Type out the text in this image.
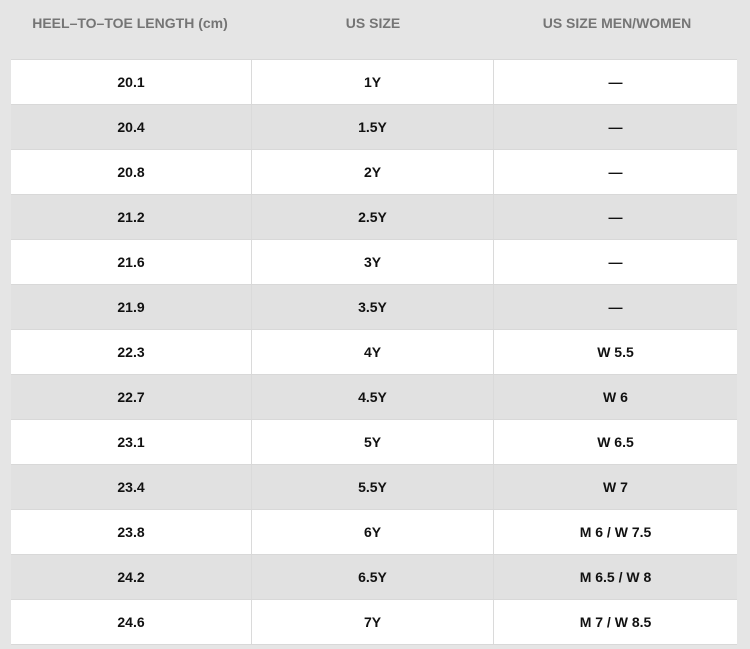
HEEL–TO–TOE LENGTH (cm)	US SIZE	US SIZE MEN/WOMEN
20.1	1Y	—
20.4	1.5Y	—
20.8	2Y	—
21.2	2.5Y	—
21.6	3Y	—
21.9	3.5Y	—
22.3	4Y	W 5.5
22.7	4.5Y	W 6
23.1	5Y	W 6.5
23.4	5.5Y	W 7
23.8	6Y	M 6 / W 7.5
24.2	6.5Y	M 6.5 / W 8
24.6	7Y	M 7 / W 8.5
